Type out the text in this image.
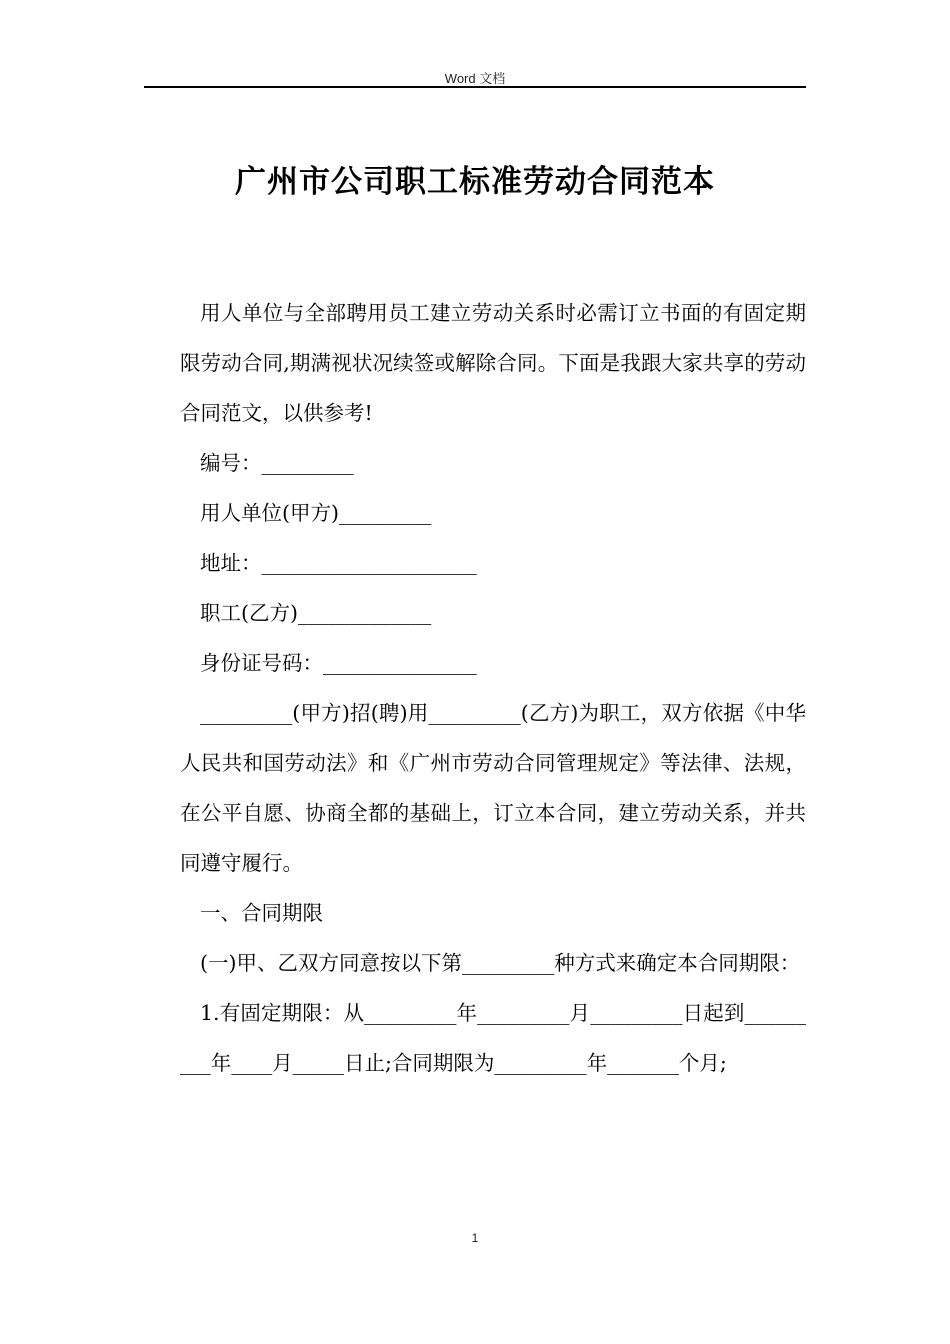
Word 文档
广州市公司职工标准劳动合同范本

用人单位与全部聘用员工建立劳动关系时必需订立书面的有固定期限劳动合同,期满视状况续签或解除合同。下面是我跟大家共享的劳动合同范文，以供参考!

编号：_________

用人单位(甲方)_________

地址：_____________________

职工(乙方)_____________

身份证号码：_______________

_________(甲方)招(聘)用_________(乙方)为职工，双方依据《中华人民共和国劳动法》和《广州市劳动合同管理规定》等法律、法规，在公平自愿、协商全都的基础上，订立本合同，建立劳动关系，并共同遵守履行。

一、合同期限

(一)甲、乙双方同意按以下第_________种方式来确定本合同期限：

1.有固定期限：从_________年_________月_________日起到_________年____月_____日止;合同期限为_________年_______个月;

1
